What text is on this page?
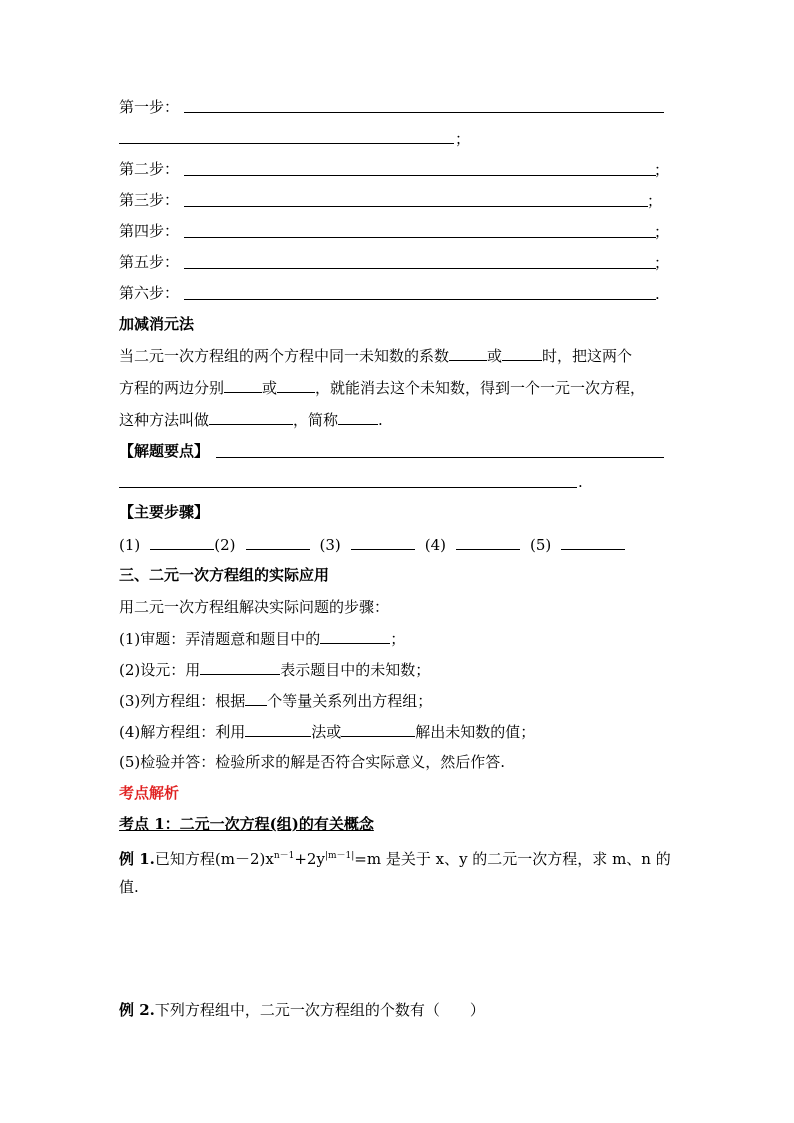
第一步：
；
第二步：	；
第三步：	；
第四步：	；
第五步：	；
第六步：	.
加减消元法
当二元一次方程组的两个方程中同一未知数的系数	或	时，把这两个
方程的两边分别	或	，就能消去这个未知数，得到一个一元一次方程，
这种方法叫做	，简称	.
【解题要点】
.
【主要步骤】
(1)	(2)	(3)	(4)	(5)
三、二元一次方程组的实际应用
用二元一次方程组解决实际问题的步骤：
(1)审题：弄清题意和题目中的	；
(2)设元：用	表示题目中的未知数；
(3)列方程组：根据 个等量关系列出方程组；
(4)解方程组：利用	法或	解出未知数的值；
(5)检验并答：检验所求的解是否符合实际意义，然后作答.
考点解析
考点 1：二元一次方程(组)的有关概念
例 1.已知方程$(m-2)x^{n-1}+2y^{|m-1|}=m$ 是关于 x、y 的二元一次方程，求 m、n 的
值.
例 2.下列方程组中，二元一次方程组的个数有（　　）
